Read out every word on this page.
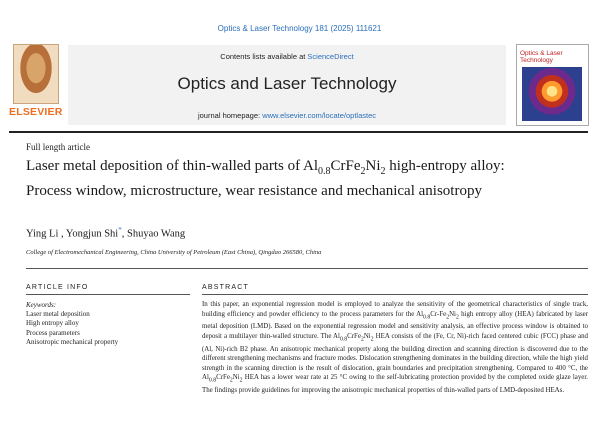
Optics & Laser Technology 181 (2025) 111621
ELSEVIER
Contents lists available at ScienceDirect
Optics and Laser Technology
journal homepage: www.elsevier.com/locate/optlastec
Optics & Laser Technology
Full length article
Laser metal deposition of thin-walled parts of $Al_{0.8}CrFe_2Ni_2$ high-entropy alloy: Process window, microstructure, wear resistance and mechanical anisotropy
Ying Li , Yongjun Shi*, Shuyao Wang
College of Electromechanical Engineering, China University of Petroleum (East China), Qingdao 266580, China
ARTICLE INFO	ABSTRACT
Keywords:
Laser metal deposition
High entropy alloy
Process parameters
Anisotropic mechanical property

In this paper, an exponential regression model is employed to analyze the sensitivity of the geometrical characteristics of single track, building efficiency and powder efficiency to the process parameters for the $Al_{0.8}Cr-Fe_2Ni_2$ high entropy alloy (HEA) fabricated by laser metal deposition (LMD). Based on the exponential regression model and sensitivity analysis, an effective process window is obtained to deposit a multilayer thin-walled structure. The $Al_{0.8}CrFe_2Ni_2$ HEA consists of the (Fe, Cr, Ni)-rich faced centered cubic (FCC) phase and (Al, Ni)-rich B2 phase. An anisotropic mechanical property along the building direction and scanning direction is discovered due to the different strengthening mechanisms and fracture modes. Dislocation strengthening dominates in the building direction, while the high yield strength in the scanning direction is the result of dislocation, grain boundaries and precipitation strengthening. Compared to 400 °C, the $Al_{0.8}CrFe_2Ni_2$ HEA has a lower wear rate at 25 °C owing to the self-lubricating protection provided by the completed oxide glaze layer. The findings provide guidelines for improving the anisotropic mechanical properties of thin-walled parts of LMD-deposited HEAs.
